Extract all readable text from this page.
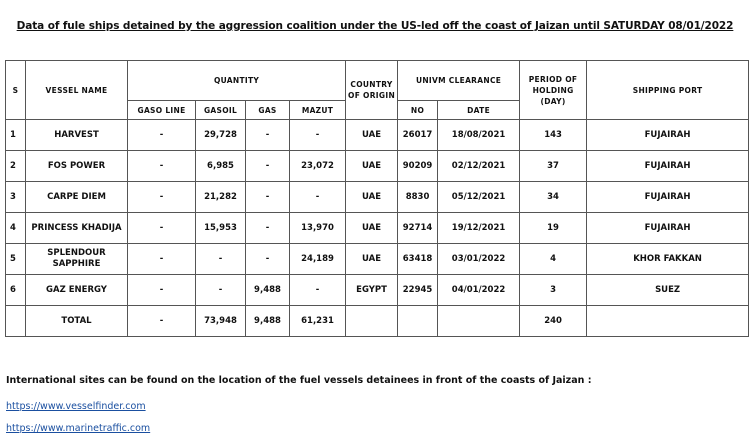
Data of fule ships detained by the aggression coalition under the US-led off the coast of Jaizan until SATURDAY 08/01/2022
S	VESSEL NAME	QUANTITY				COUNTRY OF ORIGIN	UNIVM CLEARANCE		PERIOD OF HOLDING (DAY)	SHIPPING PORT
		GASO LINE	GASOIL	GAS	MAZUT		NO	DATE		
1	HARVEST	-	29,728	-	-	UAE	26017	18/08/2021	143	FUJAIRAH
2	FOS POWER	-	6,985	-	23,072	UAE	90209	02/12/2021	37	FUJAIRAH
3	CARPE DIEM	-	21,282	-	-	UAE	8830	05/12/2021	34	FUJAIRAH
4	PRINCESS KHADIJA	-	15,953	-	13,970	UAE	92714	19/12/2021	19	FUJAIRAH
5	SPLENDOUR SAPPHIRE	-	-	-	24,189	UAE	63418	03/01/2022	4	KHOR FAKKAN
6	GAZ ENERGY	-	-	9,488	-	EGYPT	22945	04/01/2022	3	SUEZ
	TOTAL	-	73,948	9,488	61,231				240	
International sites can be found on the location of the fuel vessels detainees in front of the coasts of Jaizan :
https://www.vesselfinder.com
https://www.marinetraffic.com
